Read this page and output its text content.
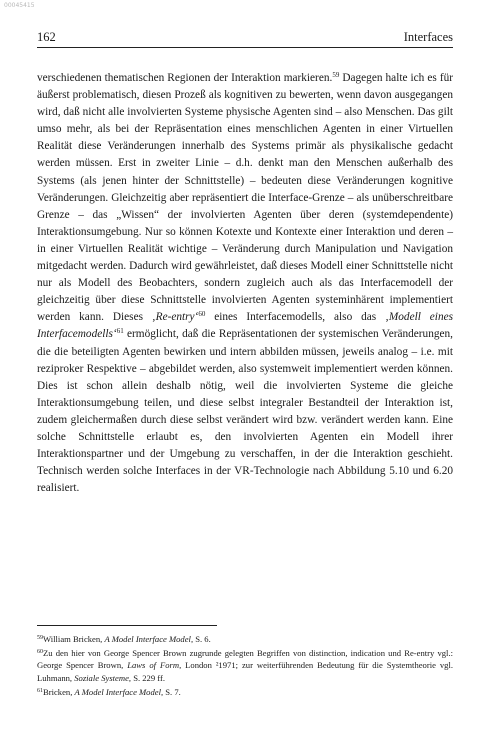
00045415
162	Interfaces

verschiedenen thematischen Regionen der Interaktion markieren.$^{59}$ Dagegen halte ich es für äußerst problematisch, diesen Prozeß als kognitiven zu bewerten, wenn davon ausgegangen wird, daß nicht alle involvierten Systeme physische Agenten sind – also Menschen. Das gilt umso mehr, als bei der Repräsentation eines menschlichen Agenten in einer Virtuellen Realität diese Veränderungen innerhalb des Systems primär als physikalische gedacht werden müssen. Erst in zweiter Linie – d.h. denkt man den Menschen außerhalb des Systems (als jenen hinter der Schnittstelle) – bedeuten diese Veränderungen kognitive Veränderungen. Gleichzeitig aber repräsentiert die Interface-Grenze – als unüberschreitbare Grenze – das „Wissen“ der involvierten Agenten über deren (systemdependente) Interaktionsumgebung. Nur so können Kotexte und Kontexte einer Interaktion und deren – in einer Virtuellen Realität wichtige – Veränderung durch Manipulation und Navigation mitgedacht werden. Dadurch wird gewährleistet, daß dieses Modell einer Schnittstelle nicht nur als Modell des Beobachters, sondern zugleich auch als das Interfacemodell der gleichzeitig über diese Schnittstelle involvierten Agenten systeminhärent implementiert werden kann. Dieses ‚Re-entry‘$^{60}$ eines Interfacemodells, also das ‚Modell eines Interfacemodells‘$^{61}$ ermöglicht, daß die Repräsentationen der systemischen Veränderungen, die die beteiligten Agenten bewirken und intern abbilden müssen, jeweils analog – i.e. mit reziproker Respektive – abgebildet werden, also systemweit implementiert werden können. Dies ist schon allein deshalb nötig, weil die involvierten Systeme die gleiche Interaktionsumgebung teilen, und diese selbst integraler Bestandteil der Interaktion ist, zudem gleichermaßen durch diese selbst verändert wird bzw. verändert werden kann. Eine solche Schnittstelle erlaubt es, den involvierten Agenten ein Modell ihrer Interaktionspartner und der Umgebung zu verschaffen, in der die Interaktion geschieht. Technisch werden solche Interfaces in der VR-Technologie nach Abbildung 5.10 und 6.20 realisiert.

$^{59}$William Bricken, A Model Interface Model, S. 6.

$^{60}$Zu den hier von George Spencer Brown zugrunde gelegten Begriffen von distinction, indication und Re-entry vgl.: George Spencer Brown, Laws of Form, London ²1971; zur weiterführenden Bedeutung für die Systemtheorie vgl. Luhmann, Soziale Systeme, S. 229 ff.

$^{61}$Bricken, A Model Interface Model, S. 7.
